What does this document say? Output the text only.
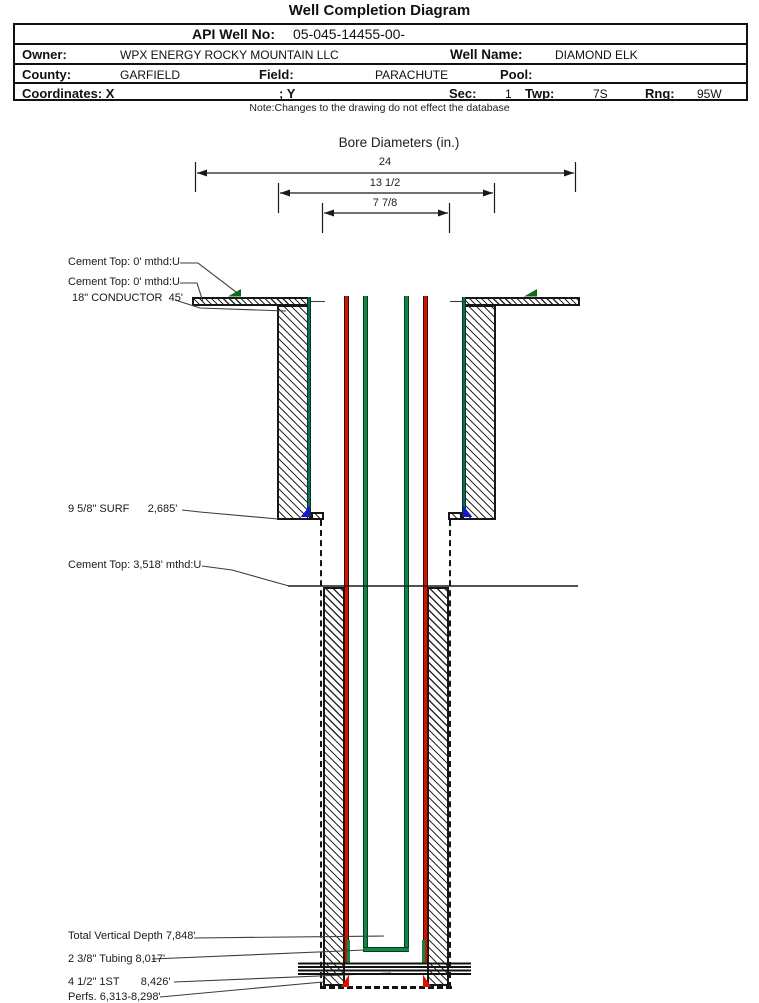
Well Completion Diagram
API Well No: 05-045-14455-00-
Owner:	WPX ENERGY ROCKY MOUNTAIN LLC	Well Name:	DIAMOND ELK
County:	GARFIELD	Field:	PARACHUTE	Pool:
Coordinates: X	; Y	Sec: 1 Twp:	7S	Rng: 95W
Note:Changes to the drawing do not effect the database
Bore Diameters (in.)
24
13 1/2
7 7/8
Cement Top: 0' mthd:U
Cement Top: 0' mthd:U
18" CONDUCTOR  45'
9 5/8" SURF      2,685'
Cement Top: 3,518' mthd:U
Total Vertical Depth 7,848'
2 3/8" Tubing 8,017'
4 1/2" 1ST       8,426'
Perfs. 6,313-8,298'
